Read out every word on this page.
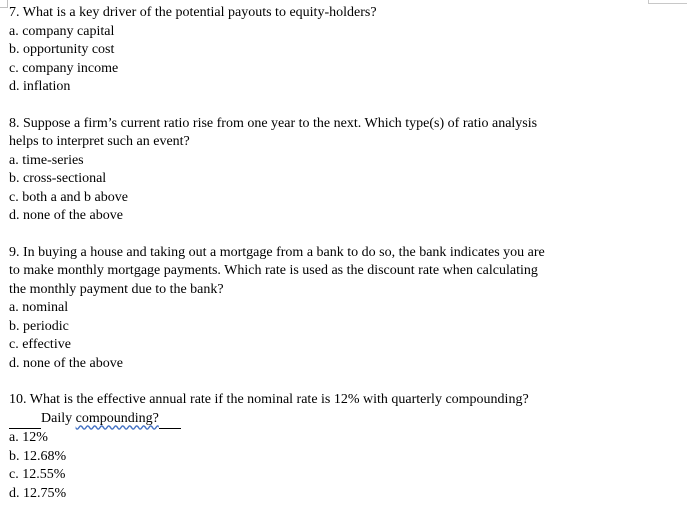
7. What is a key driver of the potential payouts to equity-holders?
a. company capital
b. opportunity cost
c. company income
d. inflation
8. Suppose a firm’s current ratio rise from one year to the next. Which type(s) of ratio analysis
helps to interpret such an event?
a. time-series
b. cross-sectional
c. both a and b above
d. none of the above
9. In buying a house and taking out a mortgage from a bank to do so, the bank indicates you are
to make monthly mortgage payments. Which rate is used as the discount rate when calculating
the monthly payment due to the bank?
a. nominal
b. periodic
c. effective
d. none of the above
10. What is the effective annual rate if the nominal rate is 12% with quarterly compounding?
Daily compounding?
a. 12%
b. 12.68%
c. 12.55%
d. 12.75%
